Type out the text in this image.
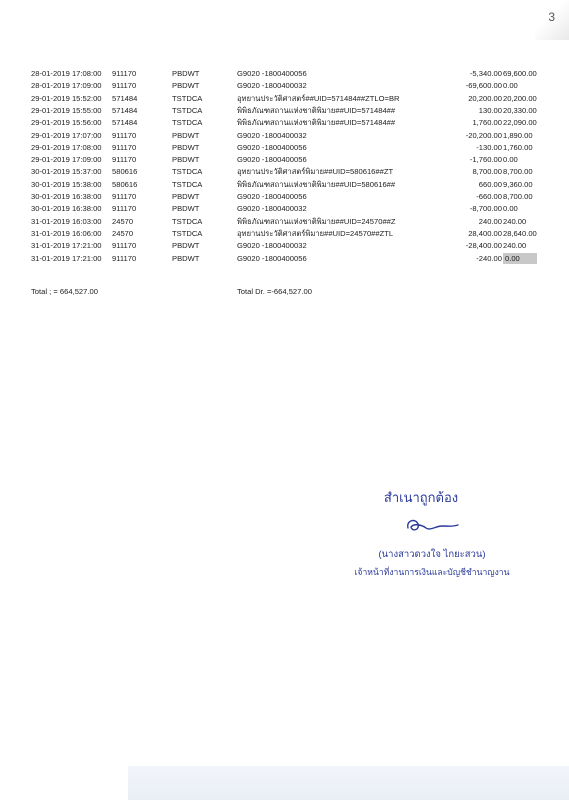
3
28-01-2019 17:08:00 911170	PBDWT	G9020 -1800400056	-5,340.00 69,600.00
28-01-2019 17:09:00 911170	PBDWT	G9020 -1800400032	-69,600.00 0.00
29-01-2019 15:52:00 571484	TSTDCA	อุทยานประวัติศาสตร์##UID=571484##ZTLO=BR	20,200.00 20,200.00
29-01-2019 15:55:00 571484	TSTDCA	พิพิธภัณฑสถานแห่งชาติพิมาย##UID=571484##	130.00 20,330.00
29-01-2019 15:56:00 571484	TSTDCA	พิพิธภัณฑสถานแห่งชาติพิมาย##UID=571484##	1,760.00 22,090.00
29-01-2019 17:07:00 911170	PBDWT	G9020 -1800400032	-20,200.00 1,890.00
29-01-2019 17:08:00 911170	PBDWT	G9020 -1800400056	-130.00 1,760.00
29-01-2019 17:09:00 911170	PBDWT	G9020 -1800400056	-1,760.00 0.00
30-01-2019 15:37:00 580616	TSTDCA	อุทยานประวัติศาสตร์พิมาย##UID=580616##ZT	8,700.00 8,700.00
30-01-2019 15:38:00 580616	TSTDCA	พิพิธภัณฑสถานแห่งชาติพิมาย##UID=580616##	660.00 9,360.00
30-01-2019 16:38:00 911170	PBDWT	G9020 -1800400056	-660.00 8,700.00
30-01-2019 16:38:00 911170	PBDWT	G9020 -1800400032	-8,700.00 0.00
31-01-2019 16:03:00 24570	TSTDCA	พิพิธภัณฑสถานแห่งชาติพิมาย##UID=24570##Z	240.00 240.00
31-01-2019 16:06:00 24570	TSTDCA	อุทยานประวัติศาสตร์พิมาย##UID=24570##ZTL	28,400.00 28,640.00
31-01-2019 17:21:00 911170	PBDWT	G9020 -1800400032	-28,400.00 240.00
31-01-2019 17:21:00 911170	PBDWT	G9020 -1800400056	-240.00 0.00
Total ; = 664,527.00	Total Dr. =-664,527.00
สำเนาถูกต้อง
(นางสาวดวงใจ ไกยะสวน)
เจ้าหน้าที่งานการเงินและบัญชีชำนาญงาน
